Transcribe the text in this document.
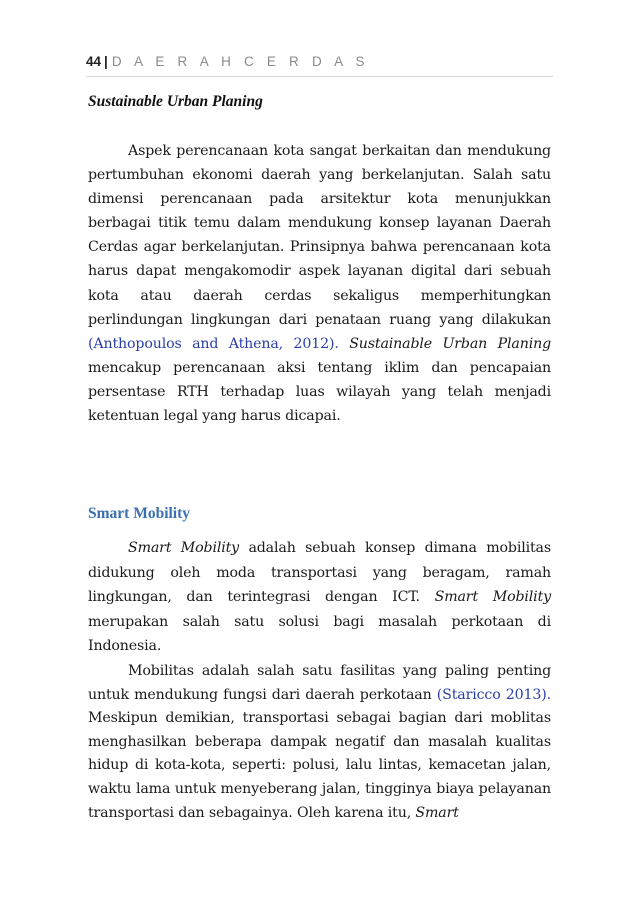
44 | D A E R A H C E R D A S
Sustainable Urban Planing

Aspek perencanaan kota sangat berkaitan dan mendukung pertumbuhan ekonomi daerah yang berkelanjutan. Salah satu dimensi perencanaan pada arsitektur kota menunjukkan berbagai titik temu dalam mendukung konsep layanan Daerah Cerdas agar berkelanjutan. Prinsipnya bahwa perencanaan kota harus dapat mengakomodir aspek layanan digital dari sebuah kota atau daerah cerdas sekaligus memperhitungkan perlindungan lingkungan dari penataan ruang yang dilakukan (Anthopoulos and Athena, 2012). Sustainable Urban Planing mencakup perencanaan aksi tentang iklim dan pencapaian persentase RTH terhadap luas wilayah yang telah menjadi ketentuan legal yang harus dicapai.

Smart Mobility

Smart Mobility adalah sebuah konsep dimana mobilitas didukung oleh moda transportasi yang beragam, ramah lingkungan, dan terintegrasi dengan ICT. Smart Mobility merupakan salah satu solusi bagi masalah perkotaan di Indonesia.

Mobilitas adalah salah satu fasilitas yang paling penting untuk mendukung fungsi dari daerah perkotaan (Staricco 2013). Meskipun demikian, transportasi sebagai bagian dari moblitas menghasilkan beberapa dampak negatif dan masalah kualitas hidup di kota-kota, seperti: polusi, lalu lintas, kemacetan jalan, waktu lama untuk menyeberang jalan, tingginya biaya pelayanan transportasi dan sebagainya. Oleh karena itu, Smart
